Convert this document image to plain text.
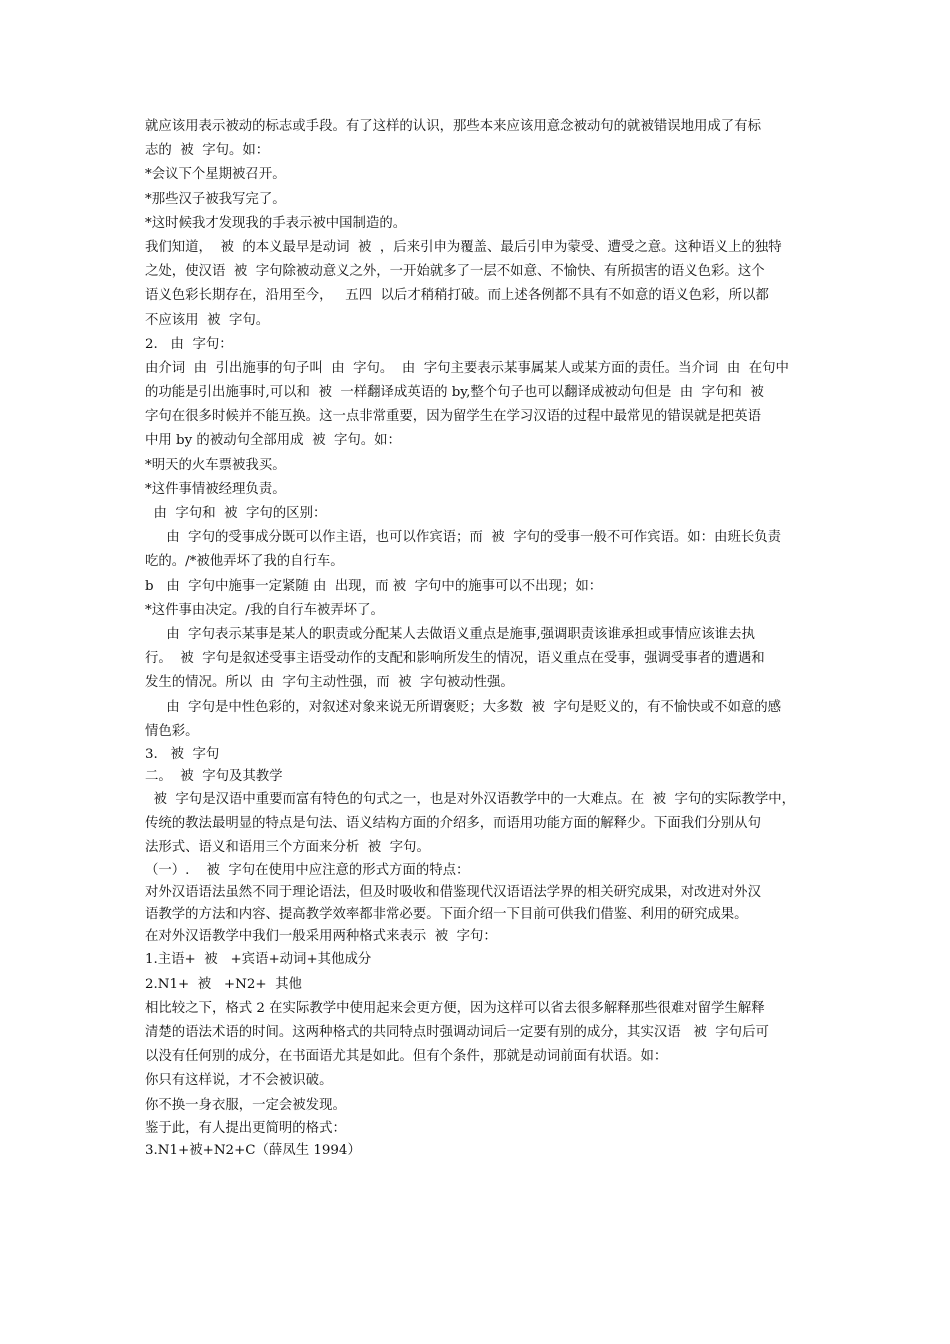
就应该用表示被动的标志或手段。有了这样的认识，那些本来应该用意念被动句的就被错误地用成了有标
志的  被  字句。如：
*会议下个星期被召开。
*那些汉子被我写完了。
*这时候我才发现我的手表示被中国制造的。
我们知道，  被  的本义最早是动词  被  ，后来引申为覆盖、最后引申为蒙受、遭受之意。这种语义上的独特
之处，使汉语  被  字句除被动意义之外，一开始就多了一层不如意、不愉快、有所损害的语义色彩。这个
语义色彩长期存在，沿用至今，   五四  以后才稍稍打破。而上述各例都不具有不如意的语义色彩，所以都
不应该用  被  字句。
2.   由  字句：
由介词  由  引出施事的句子叫  由  字句。  由  字句主要表示某事属某人或某方面的责任。当介词  由  在句中
的功能是引出施事时,可以和  被  一样翻译成英语的 by,整个句子也可以翻译成被动句但是  由  字句和  被
字句在很多时候并不能互换。这一点非常重要，因为留学生在学习汉语的过程中最常见的错误就是把英语
中用 by 的被动句全部用成  被  字句。如：
*明天的火车票被我买。
*这件事情被经理负责。
由  字句和  被  字句的区别：
由  字句的受事成分既可以作主语，也可以作宾语；而  被  字句的受事一般不可作宾语。如：由班长负责
吃的。/*被他弄坏了我的自行车。
b   由  字句中施事一定紧随 由  出现，而 被  字句中的施事可以不出现；如：
*这件事由决定。/我的自行车被弄坏了。
由  字句表示某事是某人的职责或分配某人去做语义重点是施事,强调职责该谁承担或事情应该谁去执
行。  被  字句是叙述受事主语受动作的支配和影响所发生的情况，语义重点在受事，强调受事者的遭遇和
发生的情况。所以  由  字句主动性强，而  被  字句被动性强。
由  字句是中性色彩的，对叙述对象来说无所谓褒贬；大多数  被  字句是贬义的，有不愉快或不如意的感
情色彩。
3.   被  字句
二。  被  字句及其教学
被  字句是汉语中重要而富有特色的句式之一，也是对外汉语教学中的一大难点。在  被  字句的实际教学中，
传统的教法最明显的特点是句法、语义结构方面的介绍多，而语用功能方面的解释少。下面我们分别从句
法形式、语义和语用三个方面来分析  被  字句。
（一）.    被  字句在使用中应注意的形式方面的特点：
对外汉语语法虽然不同于理论语法，但及时吸收和借鉴现代汉语语法学界的相关研究成果，对改进对外汉
语教学的方法和内容、提高教学效率都非常必要。下面介绍一下目前可供我们借鉴、利用的研究成果。
在对外汉语教学中我们一般采用两种格式来表示  被  字句：
1.主语+  被   +宾语+动词+其他成分
2.N1+  被   +N2+  其他
相比较之下，格式 2 在实际教学中使用起来会更方便，因为这样可以省去很多解释那些很难对留学生解释
清楚的语法术语的时间。这两种格式的共同特点时强调动词后一定要有别的成分，其实汉语   被  字句后可
以没有任何别的成分，在书面语尤其是如此。但有个条件，那就是动词前面有状语。如：
你只有这样说，才不会被识破。
你不换一身衣服，一定会被发现。
鉴于此，有人提出更简明的格式：
3.N1+被+N2+C（薛凤生 1994）
